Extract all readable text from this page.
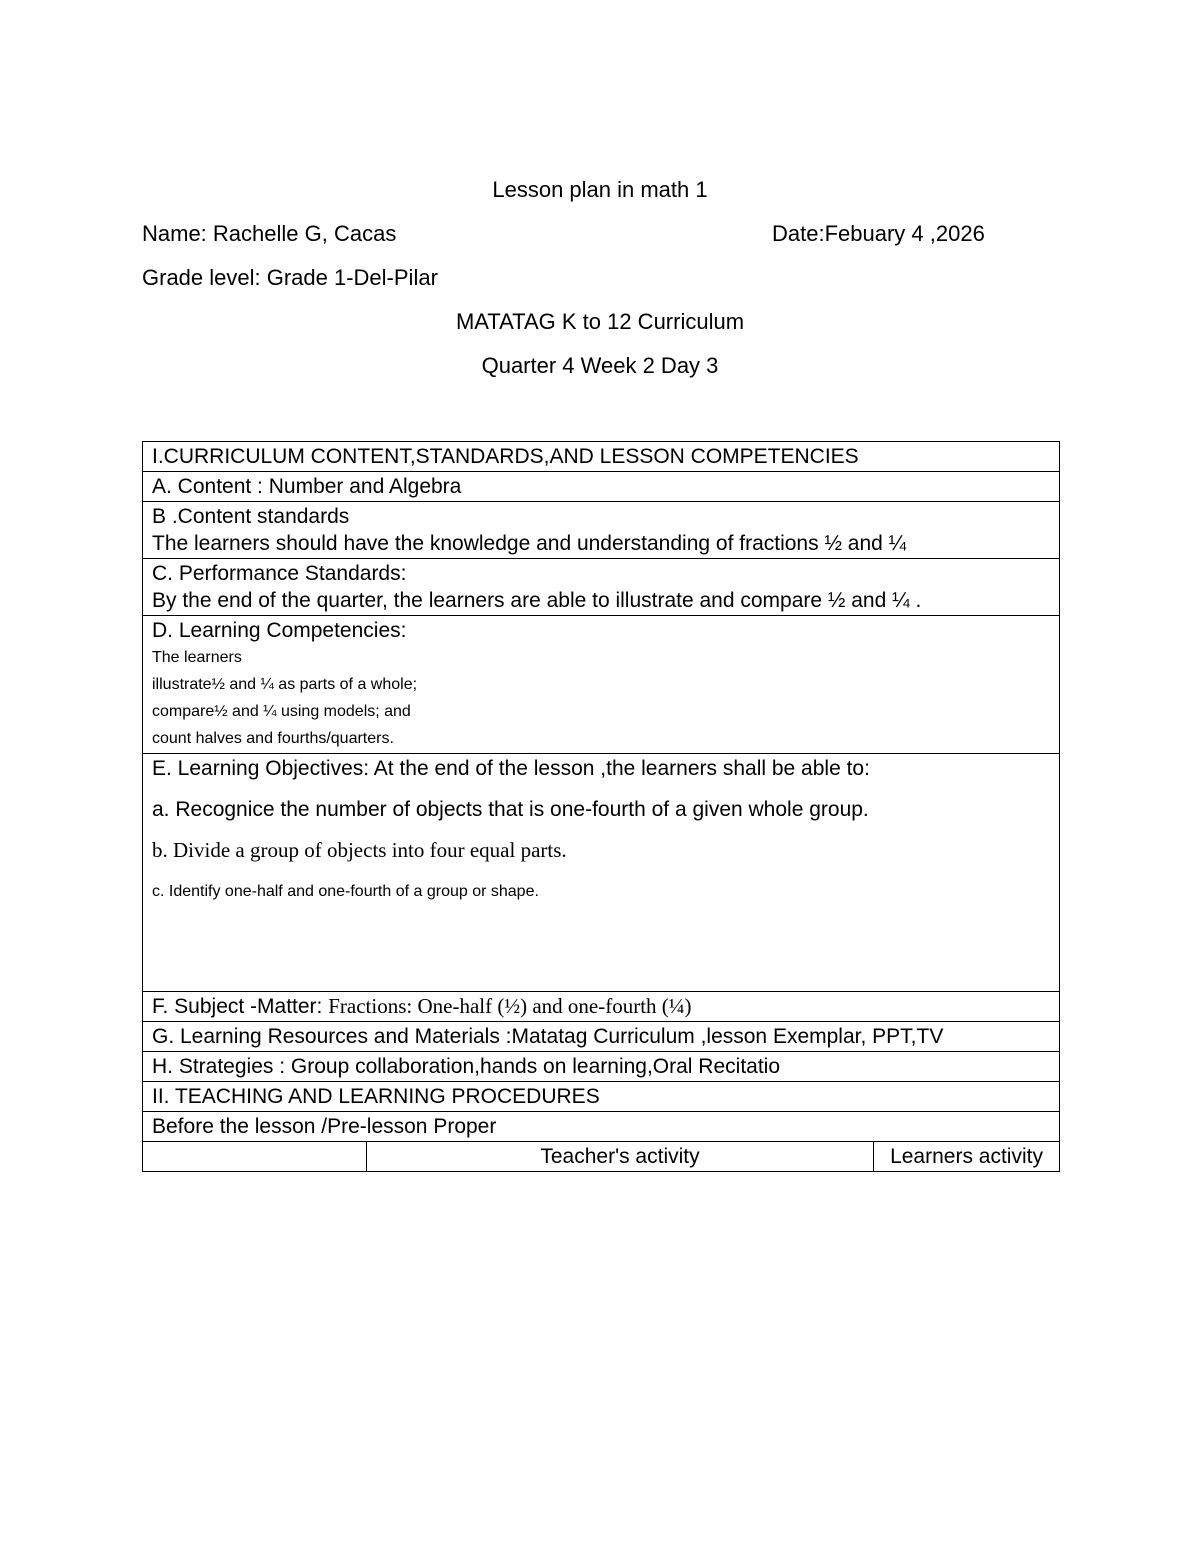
Lesson plan in math 1
Name: Rachelle G, Cacas	Date:Febuary 4 ,2026
Grade level: Grade 1-Del-Pilar
MATATAG K to 12 Curriculum
Quarter 4 Week 2 Day 3
I.CURRICULUM CONTENT,STANDARDS,AND LESSON COMPETENCIES
A. Content : Number and Algebra

B .Content standards
The learners should have the knowledge and understanding of fractions ½ and ¼

C. Performance Standards:
By the end of the quarter, the learners are able to illustrate and compare ½ and ¼ .

D. Learning Competencies:
The learners
illustrate½ and ¼ as parts of a whole;
compare½ and ¼ using models; and
count halves and fourths/quarters.

E. Learning Objectives: At the end of the lesson ,the learners shall be able to:
a. Recognice the number of objects that is one-fourth of a given whole group.
b. Divide a group of objects into four equal parts.
c. Identify one-half and one-fourth of a group or shape.

F. Subject -Matter: Fractions: One-half (½) and one-fourth (¼)
G. Learning Resources and Materials :Matatag Curriculum ,lesson Exemplar, PPT,TV
H. Strategies : Group collaboration,hands on learning,Oral Recitatio
II. TEACHING AND LEARNING PROCEDURES
Before the lesson /Pre-lesson Proper
	Teacher's activity	Learners activity
